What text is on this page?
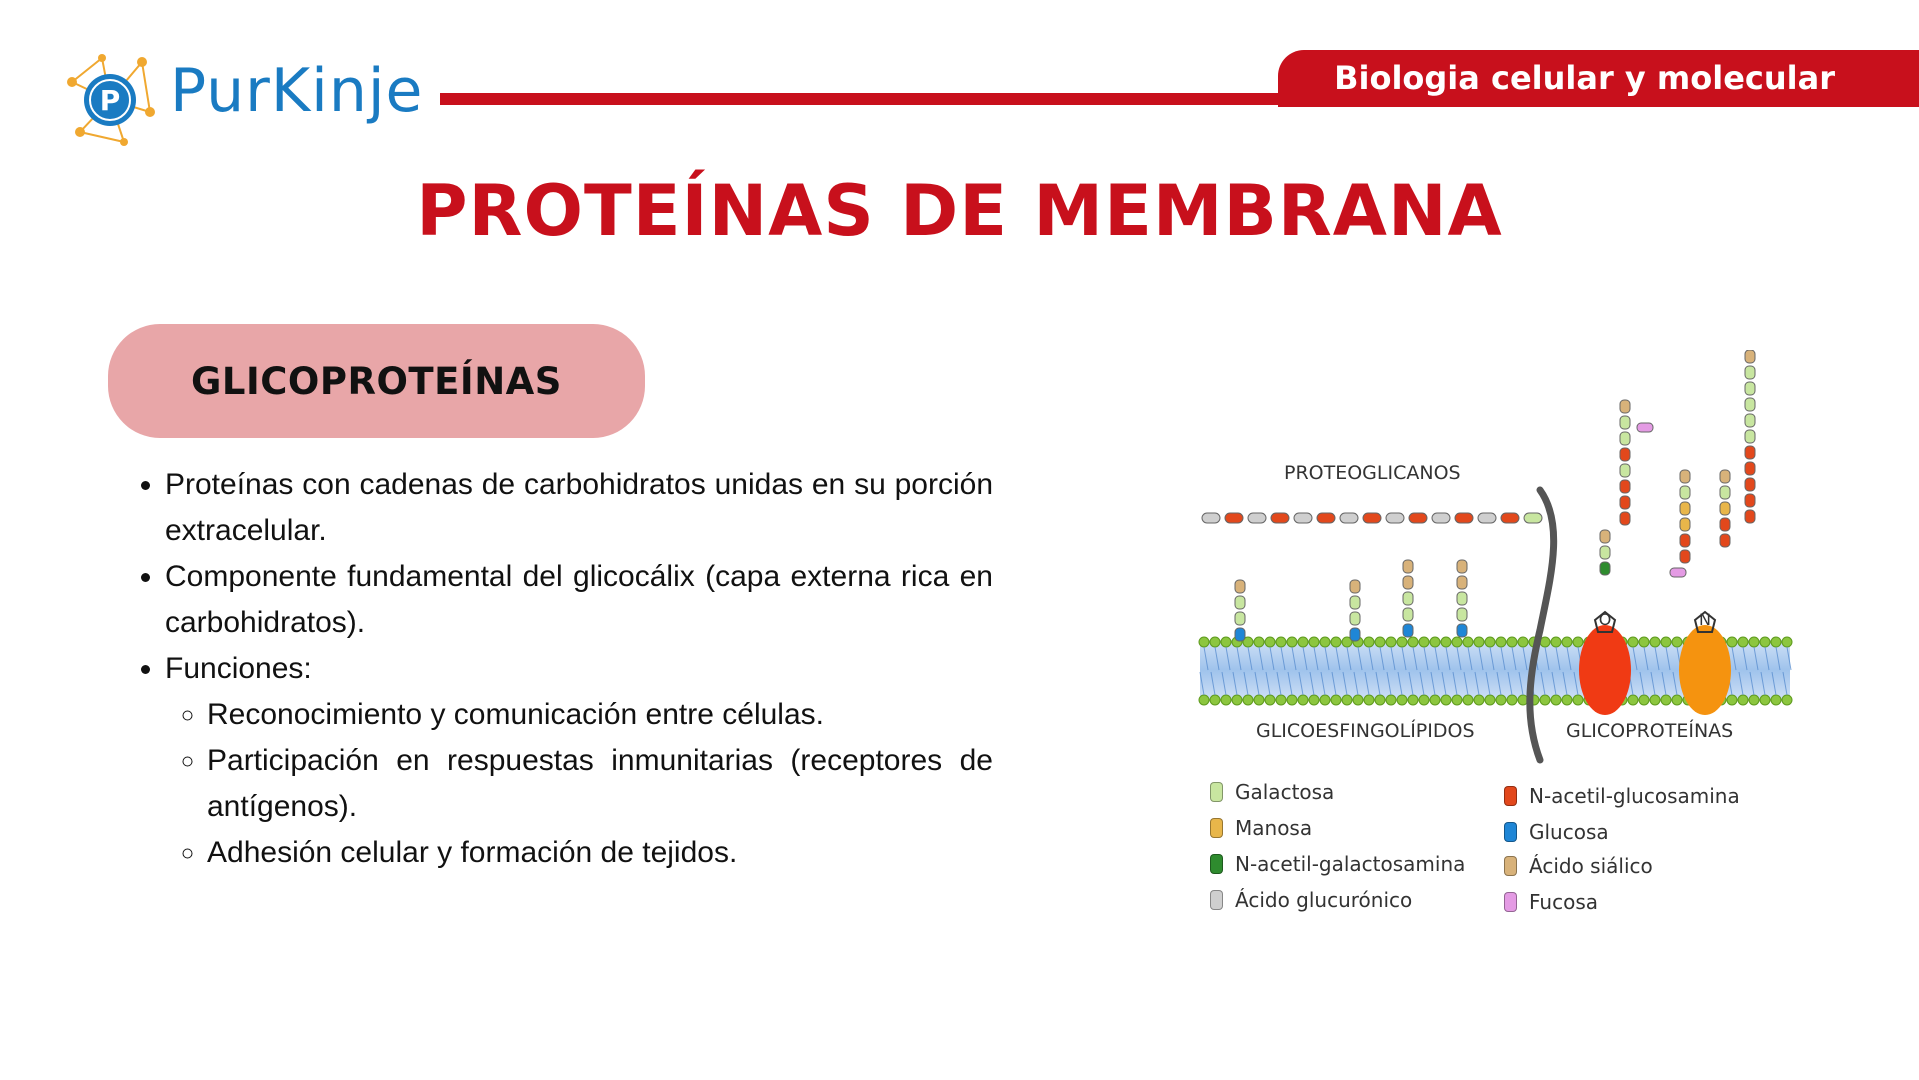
P PurKinje	Biologia celular y molecular
PROTEÍNAS DE MEMBRANA
GLICOPROTEÍNAS
• Proteínas con cadenas de carbohidratos unidas en su porción extracelular.
• Componente fundamental del glicocálix (capa externa rica en carbohidratos).
• Funciones:
◦ Reconocimiento y comunicación entre células.
◦ Participación en respuestas inmunitarias (receptores de antígenos).
◦ Adhesión celular y formación de tejidos.
O	N
PROTEOGLICANOS
GLICOESFINGOLÍPIDOS	GLICOPROTEÍNAS
Galactosa
Manosa
N-acetil-galactosamina
Ácido glucurónico
N-acetil-glucosamina
Glucosa
Ácido siálico
Fucosa
